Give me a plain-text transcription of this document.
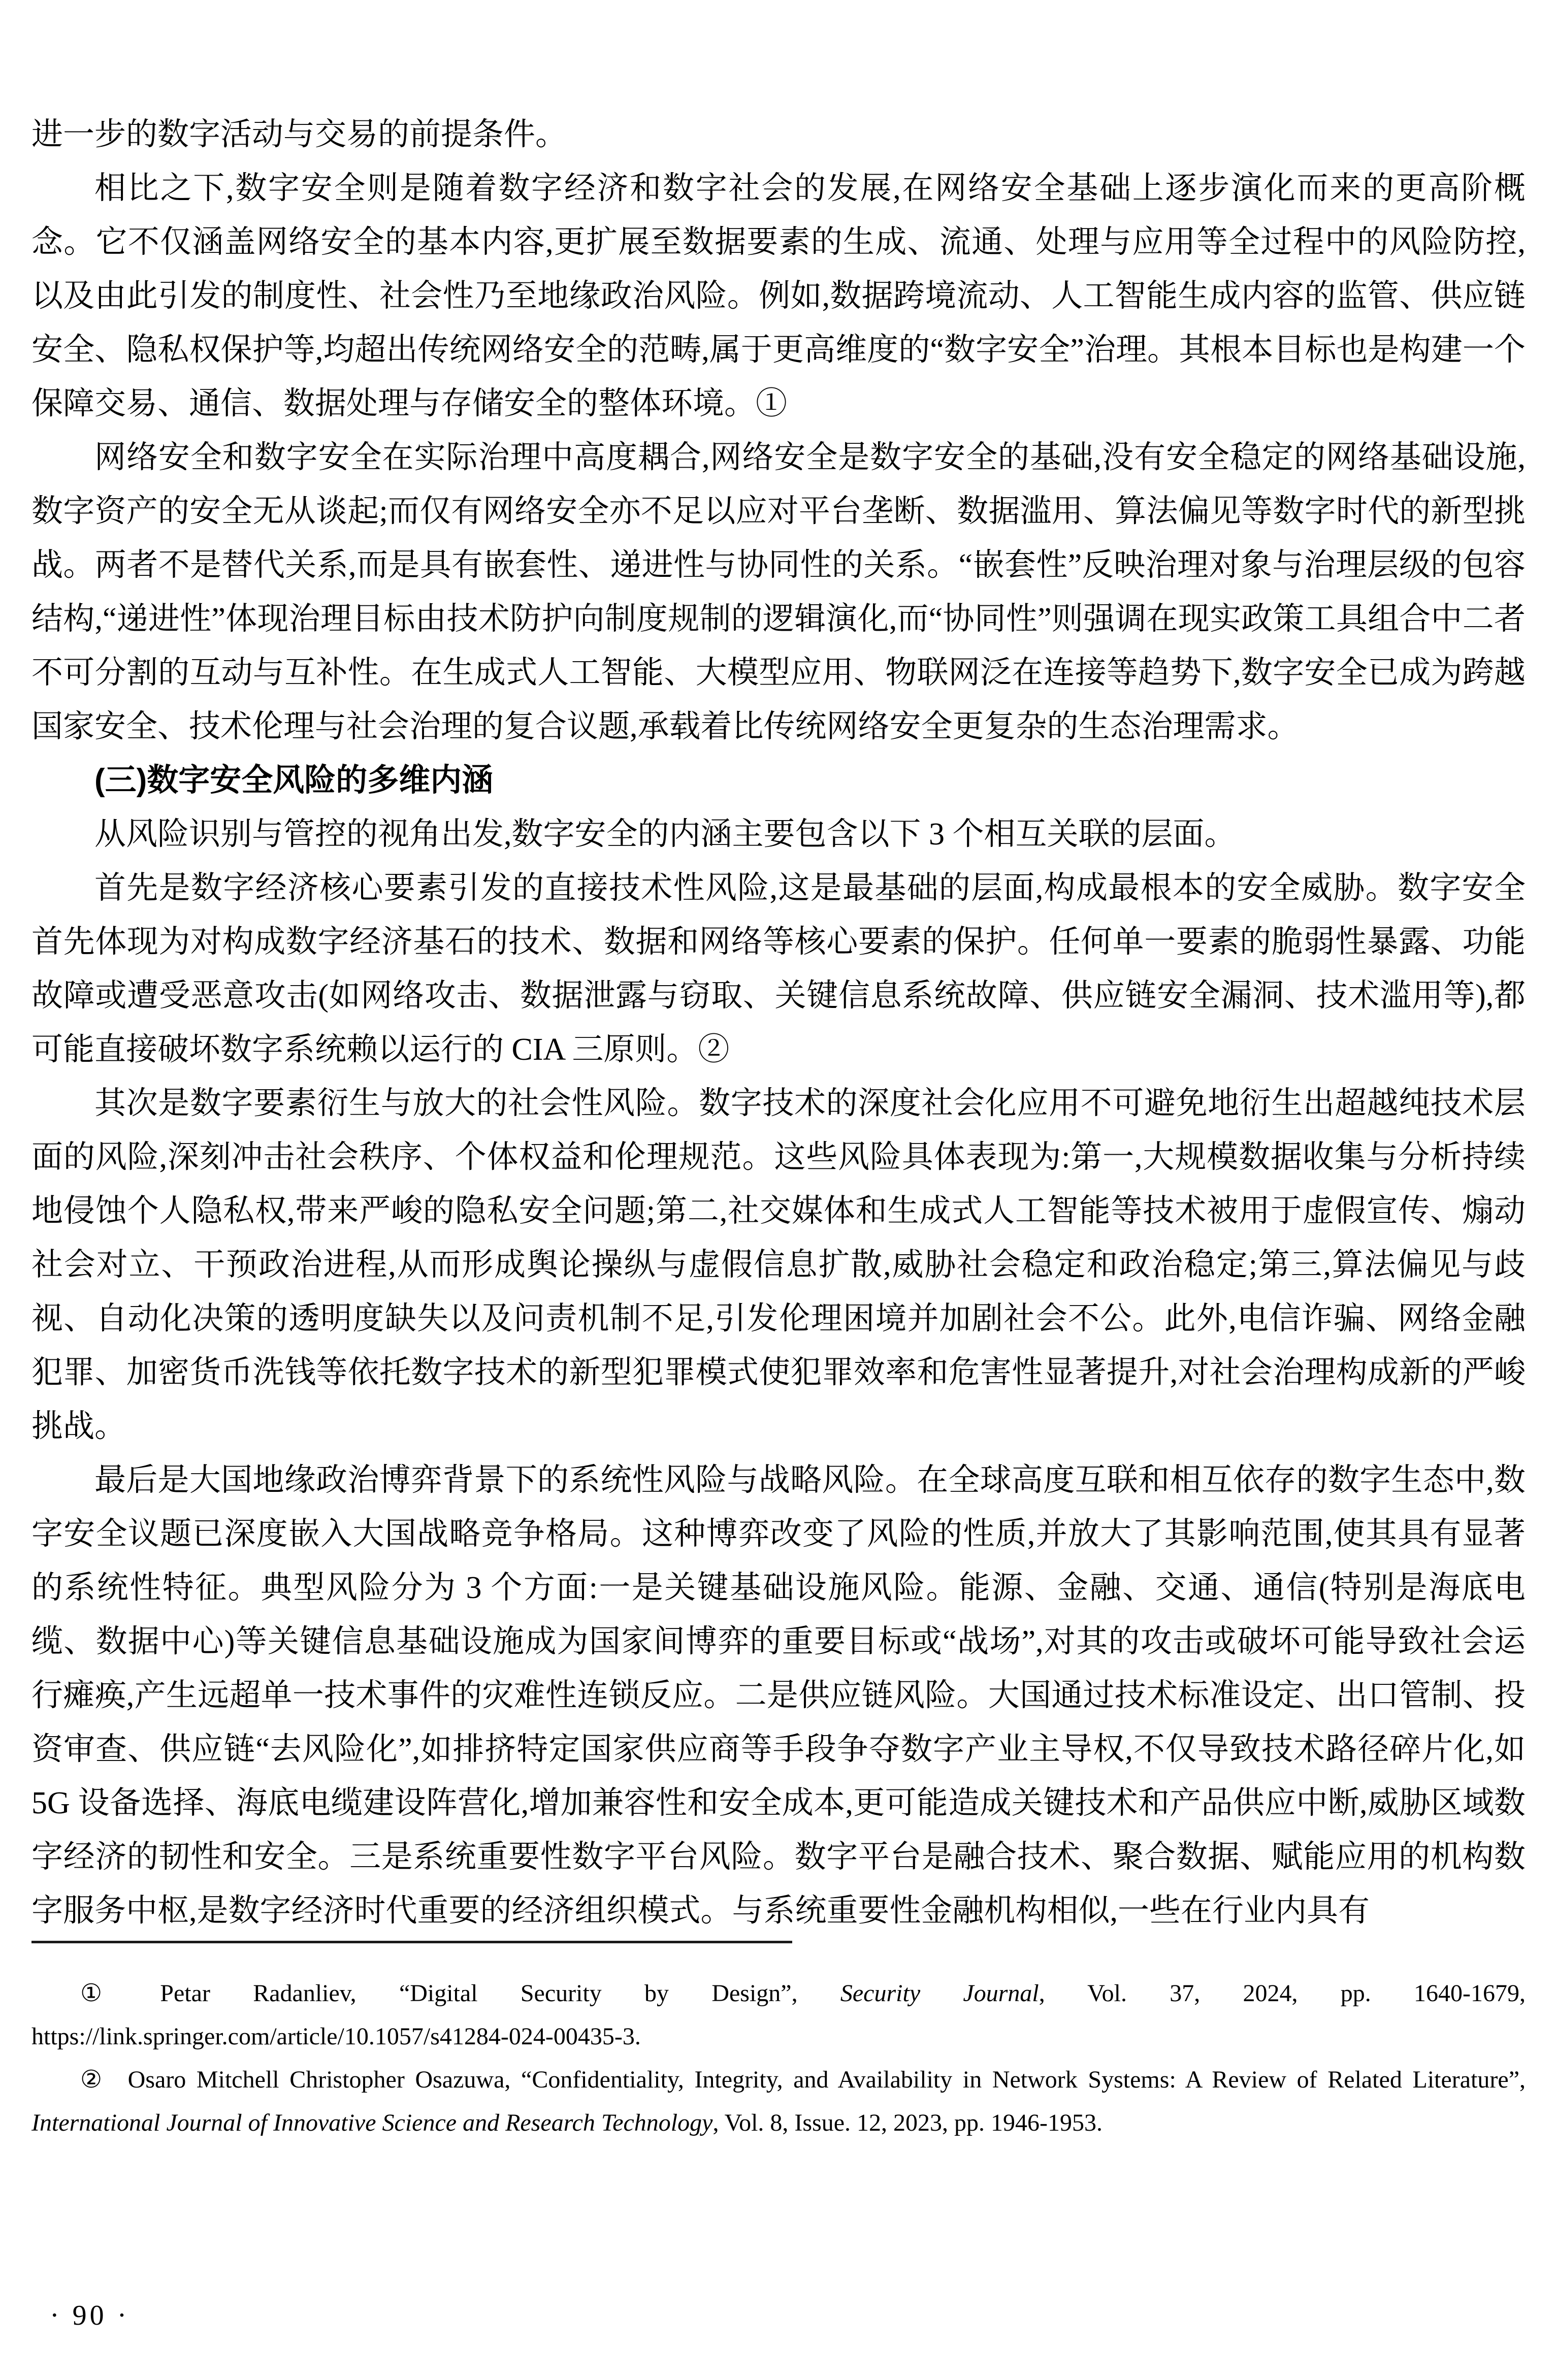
进一步的数字活动与交易的前提条件。

相比之下,数字安全则是随着数字经济和数字社会的发展,在网络安全基础上逐步演化而来的更高阶概念。它不仅涵盖网络安全的基本内容,更扩展至数据要素的生成、流通、处理与应用等全过程中的风险防控,以及由此引发的制度性、社会性乃至地缘政治风险。例如,数据跨境流动、人工智能生成内容的监管、供应链安全、隐私权保护等,均超出传统网络安全的范畴,属于更高维度的“数字安全”治理。其根本目标也是构建一个保障交易、通信、数据处理与存储安全的整体环境。①

网络安全和数字安全在实际治理中高度耦合,网络安全是数字安全的基础,没有安全稳定的网络基础设施,数字资产的安全无从谈起;而仅有网络安全亦不足以应对平台垄断、数据滥用、算法偏见等数字时代的新型挑战。两者不是替代关系,而是具有嵌套性、递进性与协同性的关系。“嵌套性”反映治理对象与治理层级的包容结构,“递进性”体现治理目标由技术防护向制度规制的逻辑演化,而“协同性”则强调在现实政策工具组合中二者不可分割的互动与互补性。在生成式人工智能、大模型应用、物联网泛在连接等趋势下,数字安全已成为跨越国家安全、技术伦理与社会治理的复合议题,承载着比传统网络安全更复杂的生态治理需求。

(三)数字安全风险的多维内涵

从风险识别与管控的视角出发,数字安全的内涵主要包含以下 3 个相互关联的层面。

首先是数字经济核心要素引发的直接技术性风险,这是最基础的层面,构成最根本的安全威胁。数字安全首先体现为对构成数字经济基石的技术、数据和网络等核心要素的保护。任何单一要素的脆弱性暴露、功能故障或遭受恶意攻击(如网络攻击、数据泄露与窃取、关键信息系统故障、供应链安全漏洞、技术滥用等),都可能直接破坏数字系统赖以运行的 CIA 三原则。②

其次是数字要素衍生与放大的社会性风险。数字技术的深度社会化应用不可避免地衍生出超越纯技术层面的风险,深刻冲击社会秩序、个体权益和伦理规范。这些风险具体表现为:第一,大规模数据收集与分析持续地侵蚀个人隐私权,带来严峻的隐私安全问题;第二,社交媒体和生成式人工智能等技术被用于虚假宣传、煽动社会对立、干预政治进程,从而形成舆论操纵与虚假信息扩散,威胁社会稳定和政治稳定;第三,算法偏见与歧视、自动化决策的透明度缺失以及问责机制不足,引发伦理困境并加剧社会不公。此外,电信诈骗、网络金融犯罪、加密货币洗钱等依托数字技术的新型犯罪模式使犯罪效率和危害性显著提升,对社会治理构成新的严峻挑战。

最后是大国地缘政治博弈背景下的系统性风险与战略风险。在全球高度互联和相互依存的数字生态中,数字安全议题已深度嵌入大国战略竞争格局。这种博弈改变了风险的性质,并放大了其影响范围,使其具有显著的系统性特征。典型风险分为 3 个方面:一是关键基础设施风险。能源、金融、交通、通信(特别是海底电缆、数据中心)等关键信息基础设施成为国家间博弈的重要目标或“战场”,对其的攻击或破坏可能导致社会运行瘫痪,产生远超单一技术事件的灾难性连锁反应。二是供应链风险。大国通过技术标准设定、出口管制、投资审查、供应链“去风险化”,如排挤特定国家供应商等手段争夺数字产业主导权,不仅导致技术路径碎片化,如 5G 设备选择、海底电缆建设阵营化,增加兼容性和安全成本,更可能造成关键技术和产品供应中断,威胁区域数字经济的韧性和安全。三是系统重要性数字平台风险。数字平台是融合技术、聚合数据、赋能应用的机构数字服务中枢,是数字经济时代重要的经济组织模式。与系统重要性金融机构相似,一些在行业内具有

① Petar Radanliev, “Digital Security by Design”, Security Journal, Vol. 37, 2024, pp. 1640-1679, https://link.springer.com/article/10.1057/s41284-024-00435-3.

② Osaro Mitchell Christopher Osazuwa, “Confidentiality, Integrity, and Availability in Network Systems: A Review of Related Literature”, International Journal of Innovative Science and Research Technology, Vol. 8, Issue. 12, 2023, pp. 1946-1953.

· 90 ·
